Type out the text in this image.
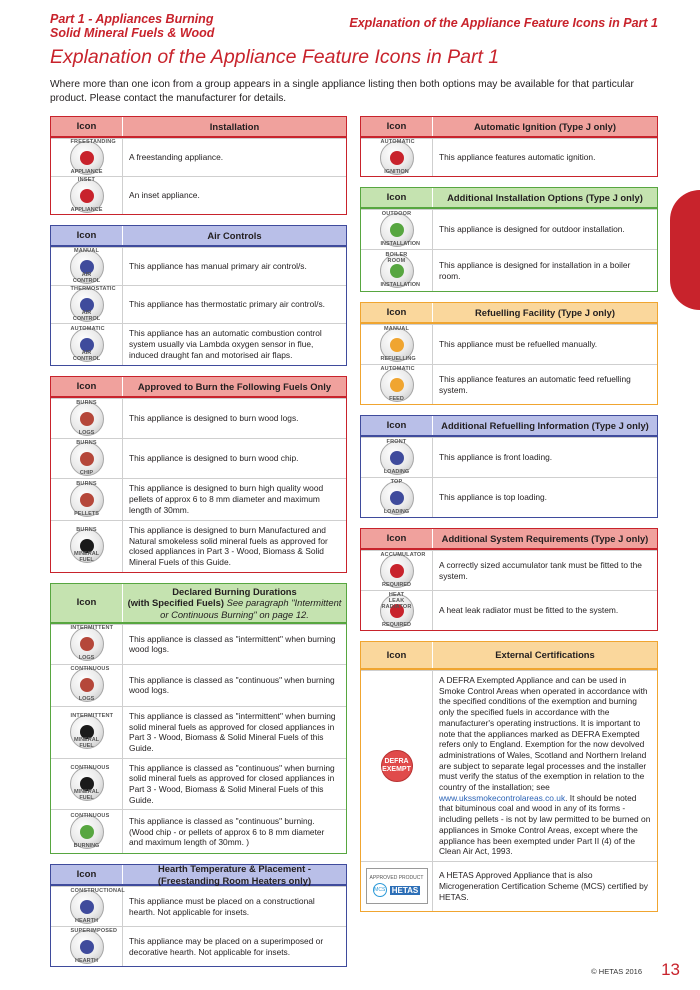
Part 1 - Appliances Burning
Solid Mineral Fuels & Wood
Explanation of the Appliance Feature Icons in Part 1
Explanation of the Appliance Feature Icons in Part 1
Where more than one icon from a group appears in a single appliance listing then both options may be available for that particular product. Please contact the manufacturer for details.
Icon	Installation
FREESTANDING
APPLIANCE
A freestanding appliance.
INSET
APPLIANCE
An inset appliance.
Icon	Air Controls
MANUAL
AIR CONTROL
This appliance has manual primary air control/s.
THERMOSTATIC
AIR CONTROL
This appliance has thermostatic primary air control/s.
AUTOMATIC
AIR CONTROL
This appliance has an automatic combustion control system usually via Lambda oxygen sensor in flue, induced draught fan and motorised air flaps.
Icon	Approved to Burn the Following Fuels Only
BURNS
LOGS
This appliance is designed to burn wood logs.
BURNS
CHIP
This appliance is designed to burn wood chip.
BURNS
PELLETS
This appliance is designed to burn high quality wood pellets of approx 6 to 8 mm diameter and maximum length of 30mm.
BURNS
MINERAL FUEL
This appliance is designed to burn Manufactured and Natural smokeless solid mineral fuels as approved for closed appliances in Part 3 - Wood, Biomass & Solid Mineral Fuels of this Guide.
Icon
Declared Burning Durations
(with Specified Fuels) See paragraph "Intermittent or Continuous Burning" on page 12.
INTERMITTENT
LOGS
This appliance is classed as "intermittent" when burning wood logs.
CONTINUOUS
LOGS
This appliance is classed as "continuous" when burning wood logs.
INTERMITTENT
MINERAL FUEL
This appliance is classed as "intermittent" when burning solid mineral fuels as approved for closed appliances in Part 3 - Wood, Biomass & Solid Mineral Fuels of this Guide.
CONTINUOUS
MINERAL FUEL
This appliance is classed as "continuous" when burning solid mineral fuels as approved for closed appliances in Part 3 - Wood, Biomass & Solid Mineral Fuels of this Guide.
CONTINUOUS
BURNING
This appliance is classed as "continuous" burning. (Wood chip - or pellets of approx 6 to 8 mm diameter and maximum length of 30mm. )
Icon
Hearth Temperature & Placement - (Freestanding Room Heaters only)
CONSTRUCTIONAL
HEARTH
This appliance must be placed on a constructional hearth. Not applicable for insets.
SUPERIMPOSED
HEARTH
This appliance may be placed on a superimposed or decorative hearth. Not applicable for insets.
Icon	Automatic Ignition (Type J only)
AUTOMATIC
IGNITION
This appliance features automatic ignition.
Icon	Additional Installation Options (Type J only)
OUTDOOR
INSTALLATION
This appliance is designed for outdoor installation.
BOILER ROOM
INSTALLATION
This appliance is designed for installation in a boiler room.
Icon	Refuelling Facility (Type J only)
MANUAL
REFUELLING
This appliance must be refuelled manually.
AUTOMATIC
FEED
This appliance features an automatic feed refuelling system.
Icon	Additional Refuelling Information (Type J only)
FRONT
LOADING
This appliance is front loading.
TOP
LOADING
This appliance is top loading.
Icon	Additional System Requirements (Type J only)
ACCUMULATOR
REQUIRED
A correctly sized accumulator tank must be fitted to the system.
HEAT LEAK RADIATOR
REQUIRED
A heat leak radiator must be fitted to the system.
Icon	External Certifications
DEFRA EXEMPT
A DEFRA Exempted Appliance and can be used in Smoke Control Areas when operated in accordance with the specified conditions of the exemption and burning only the specified fuels in accordance with the manufacturer's operating instructions. It is important to note that the appliances marked as DEFRA Exempted refers only to England. Exemption for the now devolved administrations of Wales, Scotland and Northern Ireland are subject to separate legal processes and the installer must verify the status of the exemption in relation to the country of the installation; see www.ukssmokecontrolareas.co.uk. It should be noted that bituminous coal and wood in any of its forms - including pellets - is not by law permitted to be burned on appliances in Smoke Control Areas, except where the appliance has been exempted under Part II (4) of the Clean Air Act, 1993.
APPROVED PRODUCT
MCS HETAS
A HETAS Approved Appliance that is also Microgeneration Certification Scheme (MCS) certified by HETAS.
© HETAS 2016 13
